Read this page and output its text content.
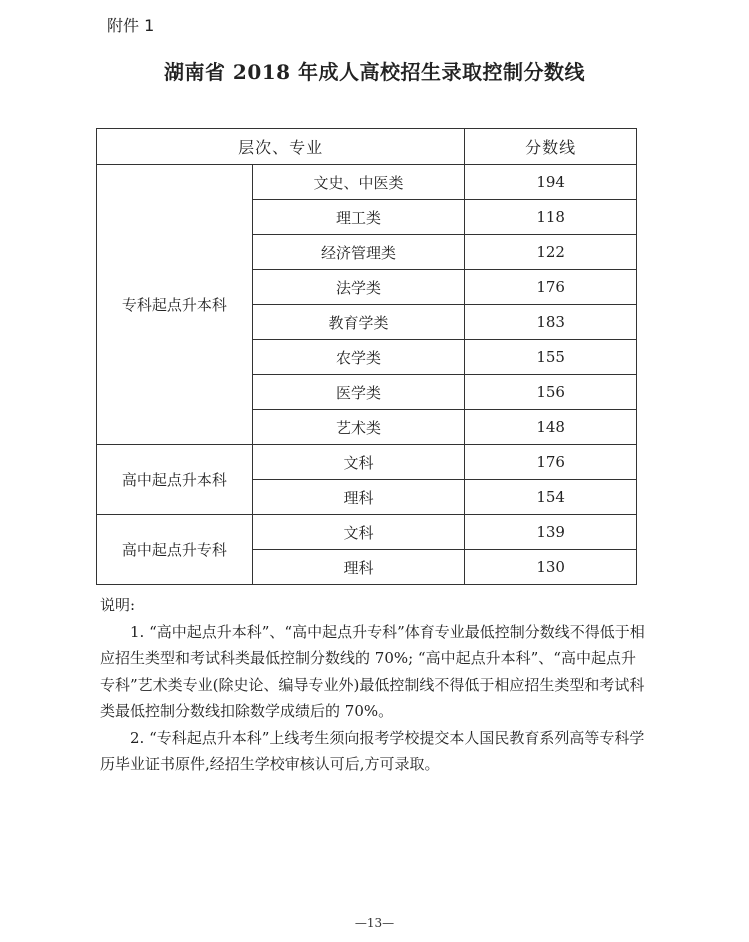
附件 1
湖南省 2018 年成人高校招生录取控制分数线
层次、专业		分数线
专科起点升本科	文史、中医类	194
	理工类	118
	经济管理类	122
	法学类	176
	教育学类	183
	农学类	155
	医学类	156
	艺术类	148
高中起点升本科	文科	176
	理科	154
高中起点升专科	文科	139
	理科	130

说明:

1. “高中起点升本科”、“高中起点升专科”体育专业最低控制分数线不得低于相应招生类型和考试科类最低控制分数线的 70%; “高中起点升本科”、“高中起点升专科”艺术类专业(除史论、编导专业外)最低控制线不得低于相应招生类型和考试科类最低控制分数线扣除数学成绩后的 70%。

2. “专科起点升本科”上线考生须向报考学校提交本人国民教育系列高等专科学历毕业证书原件,经招生学校审核认可后,方可录取。

—13—
